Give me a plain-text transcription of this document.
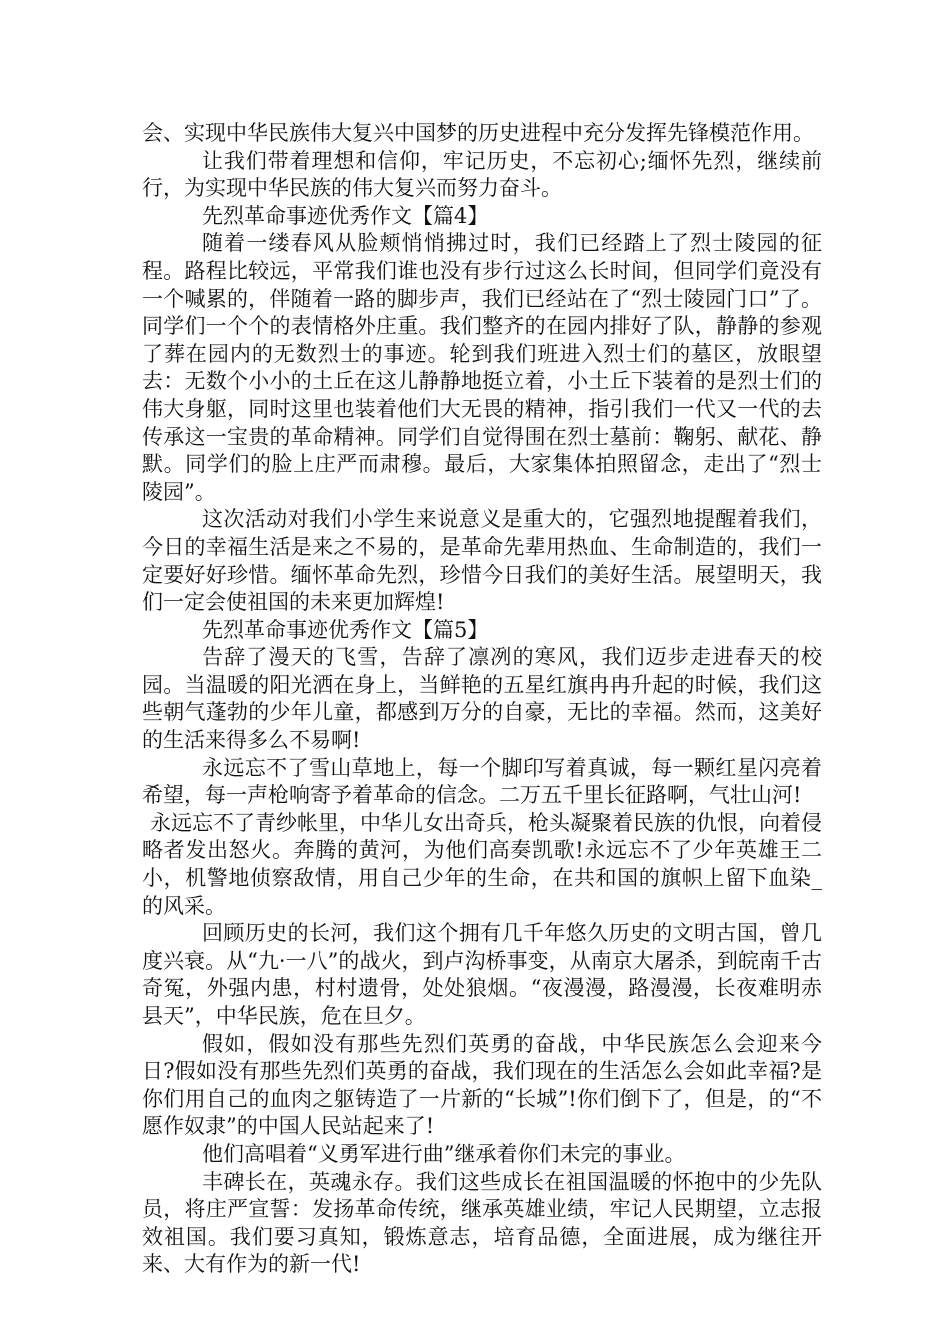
会、实现中华民族伟大复兴中国梦的历史进程中充分发挥先锋模范作用。

让我们带着理想和信仰，牢记历史，不忘初心;缅怀先烈，继续前行，为实现中华民族的伟大复兴而努力奋斗。

先烈革命事迹优秀作文【篇4】

随着一缕春风从脸颊悄悄拂过时，我们已经踏上了烈士陵园的征程。路程比较远，平常我们谁也没有步行过这么长时间，但同学们竟没有一个喊累的，伴随着一路的脚步声，我们已经站在了“烈士陵园门口”了。同学们一个个的表情格外庄重。我们整齐的在园内排好了队，静静的参观了葬在园内的无数烈士的事迹。轮到我们班进入烈士们的墓区，放眼望去：无数个小小的土丘在这儿静静地挺立着，小土丘下装着的是烈士们的伟大身躯，同时这里也装着他们大无畏的精神，指引我们一代又一代的去传承这一宝贵的革命精神。同学们自觉得围在烈士墓前：鞠躬、献花、静默。同学们的脸上庄严而肃穆。最后，大家集体拍照留念，走出了“烈士陵园”。

这次活动对我们小学生来说意义是重大的，它强烈地提醒着我们，今日的幸福生活是来之不易的，是革命先辈用热血、生命制造的，我们一定要好好珍惜。缅怀革命先烈，珍惜今日我们的美好生活。展望明天，我们一定会使祖国的未来更加辉煌!

先烈革命事迹优秀作文【篇5】

告辞了漫天的飞雪，告辞了凛冽的寒风，我们迈步走进春天的校园。当温暖的阳光洒在身上，当鲜艳的五星红旗冉冉升起的时候，我们这些朝气蓬勃的少年儿童，都感到万分的自豪，无比的幸福。然而，这美好的生活来得多么不易啊!

永远忘不了雪山草地上，每一个脚印写着真诚，每一颗红星闪亮着希望，每一声枪响寄予着革命的信念。二万五千里长征路啊，气壮山河!

永远忘不了青纱帐里，中华儿女出奇兵，枪头凝聚着民族的仇恨，向着侵略者发出怒火。奔腾的黄河，为他们高奏凯歌!永远忘不了少年英雄王二小，机警地侦察敌情，用自己少年的生命，在共和国的旗帜上留下血染_的风采。

回顾历史的长河，我们这个拥有几千年悠久历史的文明古国，曾几度兴衰。从“九·一八”的战火，到卢沟桥事变，从南京大屠杀，到皖南千古奇冤，外强内患，村村遗骨，处处狼烟。“夜漫漫，路漫漫，长夜难明赤县天”，中华民族，危在旦夕。

假如，假如没有那些先烈们英勇的奋战，中华民族怎么会迎来今日?假如没有那些先烈们英勇的奋战，我们现在的生活怎么会如此幸福?是你们用自己的血肉之躯铸造了一片新的“长城”!你们倒下了，但是，的“不愿作奴隶”的中国人民站起来了!

他们高唱着“义勇军进行曲”继承着你们未完的事业。

丰碑长在，英魂永存。我们这些成长在祖国温暖的怀抱中的少先队员，将庄严宣誓：发扬革命传统，继承英雄业绩，牢记人民期望，立志报效祖国。我们要习真知，锻炼意志，培育品德，全面进展，成为继往开来、大有作为的新一代!
